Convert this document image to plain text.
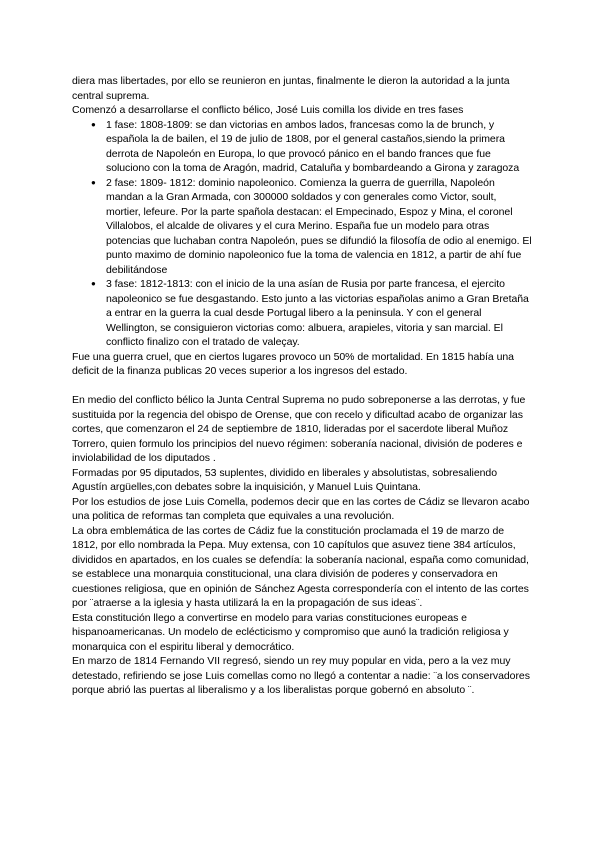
diera mas libertades, por ello se reunieron en juntas, finalmente le dieron la autoridad a la junta central suprema.

Comenzó a desarrollarse el conflicto bélico, José Luis comilla los divide en tres fases

● 1 fase: 1808-1809: se dan victorias en ambos lados, francesas como la de brunch, y española la de bailen, el 19 de julio de 1808, por el general castaños,siendo la primera derrota de Napoleón en Europa, lo que provocó pánico en el bando frances que fue soluciono con la toma de Aragón, madrid, Cataluña y bombardeando a Girona y zaragoza
● 2 fase: 1809- 1812: dominio napoleonico. Comienza la guerra de guerrilla, Napoleón mandan a la Gran Armada, con 300000 soldados y con generales como Victor, soult, mortier, lefeure. Por la parte spañola destacan: el Empecinado, Espoz y Mina, el coronel Villalobos, el alcalde de olivares y el cura Merino. España fue un modelo para otras potencias que luchaban contra Napoleón, pues se difundió la filosofía de odio al enemigo. El punto maximo de dominio napoleonico fue la toma de valencia en 1812, a partir de ahí fue debilitándose
● 3 fase: 1812-1813: con el inicio de la una asían de Rusia por parte francesa, el ejercito napoleonico se fue desgastando. Esto junto a las victorias españolas animo a Gran Bretaña a entrar en la guerra la cual desde Portugal libero a la peninsula. Y con el general Wellington, se consiguieron victorias como: albuera, arapieles, vitoria y san marcial. El conflicto finalizo con el tratado de valeçay.

Fue una guerra cruel, que en ciertos lugares provoco un 50% de mortalidad. En 1815 había una deficit de la finanza publicas 20 veces superior a los ingresos del estado.

En medio del conflicto bélico la Junta Central Suprema no pudo sobreponerse a las derrotas, y fue sustituida por la regencia del obispo de Orense, que con recelo y dificultad acabo de organizar las cortes, que comenzaron el 24 de septiembre de 1810, lideradas por el sacerdote liberal Muñoz Torrero, quien formulo los principios del nuevo régimen: soberanía nacional, división de poderes e inviolabilidad de los diputados .

Formadas por 95 diputados, 53 suplentes, dividido en liberales y absolutistas, sobresaliendo Agustín argüelles,con debates sobre la inquisición, y Manuel Luis Quintana.

Por los estudios de jose Luis Comella, podemos decir que en las cortes de Cádiz se llevaron acabo una politica de reformas tan completa que equivales a una revolución.

La obra emblemática de las cortes de Cádiz fue la constitución proclamada el 19 de marzo de 1812, por ello nombrada la Pepa. Muy extensa, con 10 capítulos que asuvez tiene 384 artículos, divididos en apartados, en los cuales se defendía: la soberanía nacional, españa como comunidad, se establece una monarquia constitucional, una clara división de poderes y conservadora en cuestiones religiosa, que en opinión de Sánchez Agesta correspondería con el intento de las cortes por ¨atraerse a la iglesia y hasta utilizará la en la propagación de sus ideas¨.

Esta constitución llego a convertirse en modelo para varias constituciones europeas e hispanoamericanas. Un modelo de eclécticismo y compromiso que aunó la tradición religiosa y monarquica con el espiritu liberal y democrático.

En marzo de 1814 Fernando VII regresó, siendo un rey muy popular en vida, pero a la vez muy detestado, refiriendo se jose Luis comellas como no llegó a contentar a nadie: ¨a los conservadores porque abrió las puertas al liberalismo y a los liberalistas porque gobernó en absoluto ¨.
